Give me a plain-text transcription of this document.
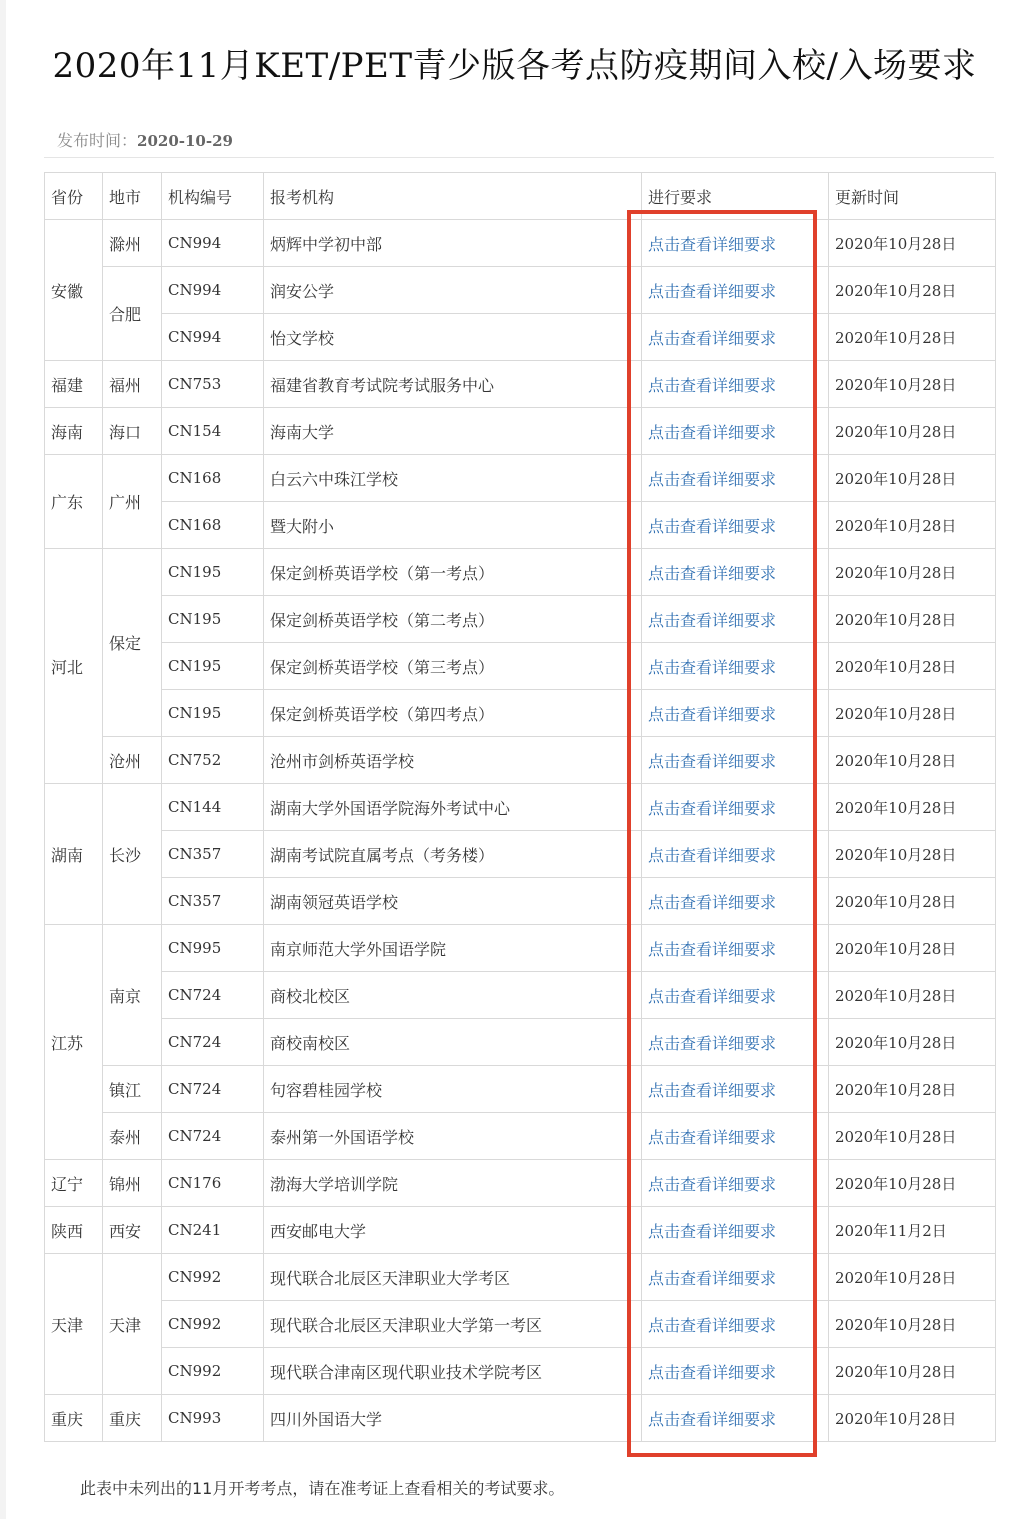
2020年11月KET/PET青少版各考点防疫期间入校/入场要求
发布时间：2020-10-29
省份	地市	机构编号	报考机构	进行要求	更新时间
安徽	滁州	CN994	炳辉中学初中部	点击查看详细要求	2020年10月28日
	合肥	CN994	润安公学	点击查看详细要求	2020年10月28日
		CN994	怡文学校	点击查看详细要求	2020年10月28日
福建	福州	CN753	福建省教育考试院考试服务中心	点击查看详细要求	2020年10月28日
海南	海口	CN154	海南大学	点击查看详细要求	2020年10月28日
广东	广州	CN168	白云六中珠江学校	点击查看详细要求	2020年10月28日
		CN168	暨大附小	点击查看详细要求	2020年10月28日
河北	保定	CN195	保定剑桥英语学校（第一考点）	点击查看详细要求	2020年10月28日
		CN195	保定剑桥英语学校（第二考点）	点击查看详细要求	2020年10月28日
		CN195	保定剑桥英语学校（第三考点）	点击查看详细要求	2020年10月28日
		CN195	保定剑桥英语学校（第四考点）	点击查看详细要求	2020年10月28日
	沧州	CN752	沧州市剑桥英语学校	点击查看详细要求	2020年10月28日
湖南	长沙	CN144	湖南大学外国语学院海外考试中心	点击查看详细要求	2020年10月28日
		CN357	湖南考试院直属考点（考务楼）	点击查看详细要求	2020年10月28日
		CN357	湖南领冠英语学校	点击查看详细要求	2020年10月28日
江苏	南京	CN995	南京师范大学外国语学院	点击查看详细要求	2020年10月28日
		CN724	商校北校区	点击查看详细要求	2020年10月28日
		CN724	商校南校区	点击查看详细要求	2020年10月28日
	镇江	CN724	句容碧桂园学校	点击查看详细要求	2020年10月28日
	泰州	CN724	泰州第一外国语学校	点击查看详细要求	2020年10月28日
辽宁	锦州	CN176	渤海大学培训学院	点击查看详细要求	2020年10月28日
陕西	西安	CN241	西安邮电大学	点击查看详细要求	2020年11月2日
天津	天津	CN992	现代联合北辰区天津职业大学考区	点击查看详细要求	2020年10月28日
		CN992	现代联合北辰区天津职业大学第一考区	点击查看详细要求	2020年10月28日
		CN992	现代联合津南区现代职业技术学院考区	点击查看详细要求	2020年10月28日
重庆	重庆	CN993	四川外国语大学	点击查看详细要求	2020年10月28日
此表中未列出的11月开考考点，请在准考证上查看相关的考试要求。
